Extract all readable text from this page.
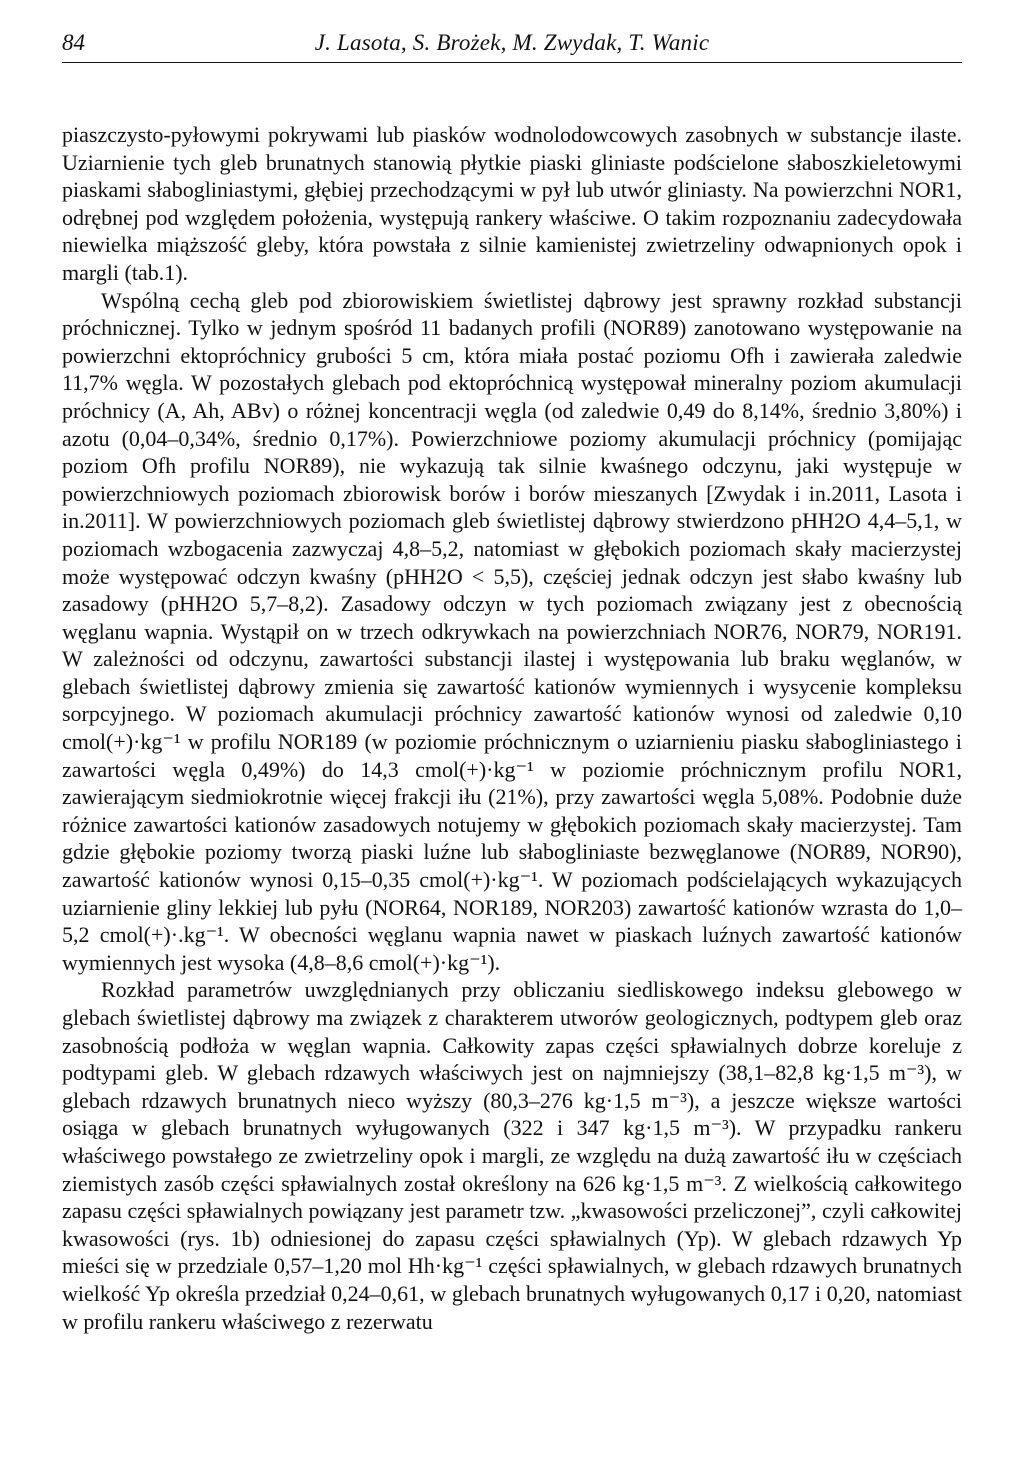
84	J. Lasota, S. Brożek, M. Zwydak, T. Wanic

piaszczysto-pyłowymi pokrywami lub piasków wodnolodowcowych zasobnych w substancje ilaste. Uziarnienie tych gleb brunatnych stanowią płytkie piaski gliniaste podścielone słaboszkieletowymi piaskami słabogliniastymi, głębiej przechodzącymi w pył lub utwór gliniasty. Na powierzchni NOR1, odrębnej pod względem położenia, występują rankery właściwe. O takim rozpoznaniu zadecydowała niewielka miąższość gleby, która powstała z silnie kamienistej zwietrzeliny odwapnionych opok i margli (tab.1).

Wspólną cechą gleb pod zbiorowiskiem świetlistej dąbrowy jest sprawny rozkład substancji próchnicznej. Tylko w jednym spośród 11 badanych profili (NOR89) zanotowano występowanie na powierzchni ektopróchnicy grubości 5 cm, która miała postać poziomu Ofh i zawierała zaledwie 11,7% węgla. W pozostałych glebach pod ektopróchnicą występował mineralny poziom akumulacji próchnicy (A, Ah, ABv) o różnej koncentracji węgla (od zaledwie 0,49 do 8,14%, średnio 3,80%) i azotu (0,04–0,34%, średnio 0,17%). Powierzchniowe poziomy akumulacji próchnicy (pomijając poziom Ofh profilu NOR89), nie wykazują tak silnie kwaśnego odczynu, jaki występuje w powierzchniowych poziomach zbiorowisk borów i borów mieszanych [Zwydak i in.2011, Lasota i in.2011]. W powierzchniowych poziomach gleb świetlistej dąbrowy stwierdzono pHH2O 4,4–5,1, w poziomach wzbogacenia zazwyczaj 4,8–5,2, natomiast w głębokich poziomach skały macierzystej może występować odczyn kwaśny (pHH2O < 5,5), częściej jednak odczyn jest słabo kwaśny lub zasadowy (pHH2O 5,7–8,2). Zasadowy odczyn w tych poziomach związany jest z obecnością węglanu wapnia. Wystąpił on w trzech odkrywkach na powierzchniach NOR76, NOR79, NOR191. W zależności od odczynu, zawartości substancji ilastej i występowania lub braku węglanów, w glebach świetlistej dąbrowy zmienia się zawartość kationów wymiennych i wysycenie kompleksu sorpcyjnego. W poziomach akumulacji próchnicy zawartość kationów wynosi od zaledwie 0,10 cmol(+)·kg⁻¹ w profilu NOR189 (w poziomie próchnicznym o uziarnieniu piasku słabogliniastego i zawartości węgla 0,49%) do 14,3 cmol(+)·kg⁻¹ w poziomie próchnicznym profilu NOR1, zawierającym siedmiokrotnie więcej frakcji iłu (21%), przy zawartości węgla 5,08%. Podobnie duże różnice zawartości kationów zasadowych notujemy w głębokich poziomach skały macierzystej. Tam gdzie głębokie poziomy tworzą piaski luźne lub słabogliniaste bezwęglanowe (NOR89, NOR90), zawartość kationów wynosi 0,15–0,35 cmol(+)·kg⁻¹. W poziomach podścielających wykazujących uziarnienie gliny lekkiej lub pyłu (NOR64, NOR189, NOR203) zawartość kationów wzrasta do 1,0–5,2 cmol(+)·.kg⁻¹. W obecności węglanu wapnia nawet w piaskach luźnych zawartość kationów wymiennych jest wysoka (4,8–8,6 cmol(+)·kg⁻¹).

Rozkład parametrów uwzględnianych przy obliczaniu siedliskowego indeksu glebowego w glebach świetlistej dąbrowy ma związek z charakterem utworów geologicznych, podtypem gleb oraz zasobnością podłoża w węglan wapnia. Całkowity zapas części spławialnych dobrze koreluje z podtypami gleb. W glebach rdzawych właściwych jest on najmniejszy (38,1–82,8 kg·1,5 m⁻³), w glebach rdzawych brunatnych nieco wyższy (80,3–276 kg·1,5 m⁻³), a jeszcze większe wartości osiąga w glebach brunatnych wyługowanych (322 i 347 kg·1,5 m⁻³). W przypadku rankeru właściwego powstałego ze zwietrzeliny opok i margli, ze względu na dużą zawartość iłu w częściach ziemistych zasób części spławialnych został określony na 626 kg·1,5 m⁻³. Z wielkością całkowitego zapasu części spławialnych powiązany jest parametr tzw. „kwasowości przeliczonej”, czyli całkowitej kwasowości (rys. 1b) odniesionej do zapasu części spławialnych (Yp). W glebach rdzawych Yp mieści się w przedziale 0,57–1,20 mol Hh·kg⁻¹ części spławialnych, w glebach rdzawych brunatnych wielkość Yp określa przedział 0,24–0,61, w glebach brunatnych wyługowanych 0,17 i 0,20, natomiast w profilu rankeru właściwego z rezerwatu
